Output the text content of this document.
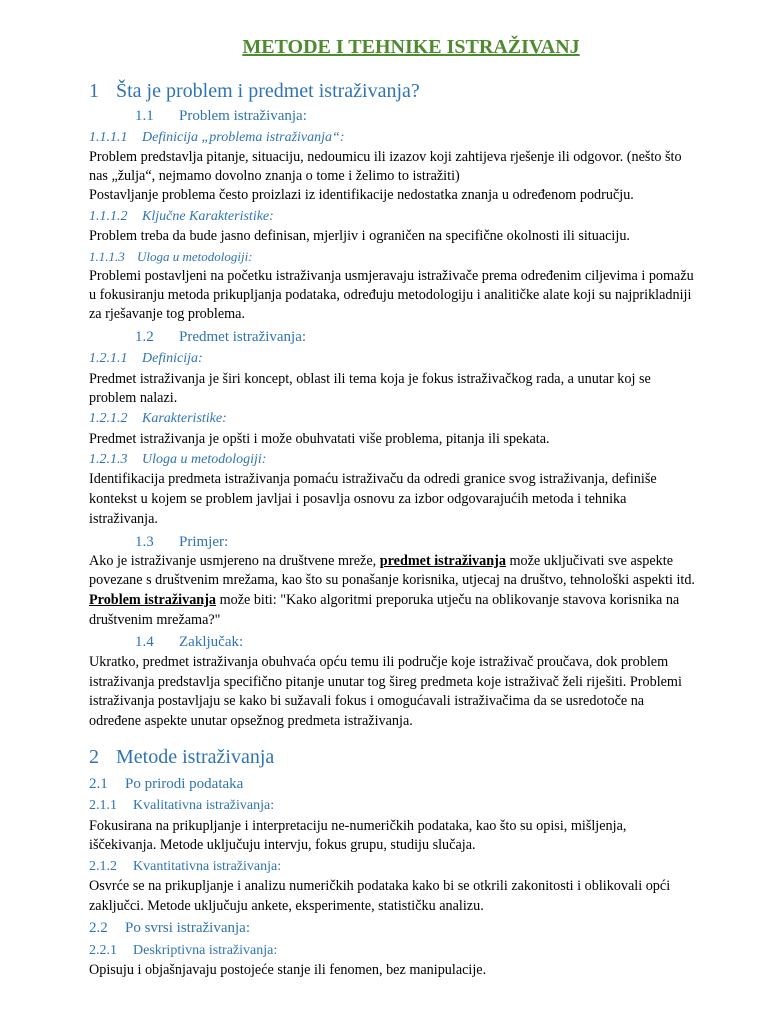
METODE I TEHNIKE ISTRAŽIVANJ
1 Šta je problem i predmet istraživanja?
1.1 Problem istraživanja:
1.1.1.1 Definicija „problema istraživanja“:
Problem predstavlja pitanje, situaciju, nedoumicu ili izazov koji zahtijeva rješenje ili odgovor. (nešto što
nas „žulja“, nejmamo dovolno znanja o tome i želimo to istražiti)
Postavljanje problema često proizlazi iz identifikacije nedostatka znanja u određenom području.
1.1.1.2 Ključne Karakteristike:
Problem treba da bude jasno definisan, mjerljiv i ograničen na specifične okolnosti ili situaciju.
1.1.1.3 Uloga u metodologiji:
Problemi postavljeni na početku istraživanja usmjeravaju istraživače prema određenim ciljevima i pomažu
u fokusiranju metoda prikupljanja podataka, određuju metodologiju i analitičke alate koji su najprikladniji
za rješavanje tog problema.
1.2 Predmet istraživanja:
1.2.1.1 Definicija:
Predmet istraživanja je širi koncept, oblast ili tema koja je fokus istraživačkog rada, a unutar koj se
problem nalazi.
1.2.1.2 Karakteristike:
Predmet istraživanja je opšti i može obuhvatati više problema, pitanja ili spekata.
1.2.1.3 Uloga u metodologiji:
Identifikacija predmeta istraživanja pomaću istraživaču da odredi granice svog istraživanja, definiše
kontekst u kojem se problem javljai i posavlja osnovu za izbor odgovarajućih metoda i tehnika
istraživanja.
1.3 Primjer:
Ako je istraživanje usmjereno na društvene mreže, predmet istraživanja može uključivati sve aspekte
povezane s društvenim mrežama, kao što su ponašanje korisnika, utjecaj na društvo, tehnološki aspekti itd.
Problem istraživanja može biti: "Kako algoritmi preporuka utječu na oblikovanje stavova korisnika na
društvenim mrežama?"
1.4 Zaključak:
Ukratko, predmet istraživanja obuhvaća opću temu ili područje koje istraživač proučava, dok problem
istraživanja predstavlja specifično pitanje unutar tog šireg predmeta koje istraživač želi riješiti. Problemi
istraživanja postavljaju se kako bi sužavali fokus i omogućavali istraživačima da se usredotoče na
određene aspekte unutar opsežnog predmeta istraživanja.
2 Metode istraživanja
2.1 Po prirodi podataka
2.1.1 Kvalitativna istraživanja:
Fokusirana na prikupljanje i interpretaciju ne-numeričkih podataka, kao što su opisi, mišljenja,
iščekivanja. Metode uključuju intervju, fokus grupu, studiju slučaja.
2.1.2 Kvantitativna istraživanja:
Osvrće se na prikupljanje i analizu numeričkih podataka kako bi se otkrili zakonitosti i oblikovali opći
zaključci. Metode uključuju ankete, eksperimente, statističku analizu.
2.2 Po svrsi istraživanja:
2.2.1 Deskriptivna istraživanja:
Opisuju i objašnjavaju postojeće stanje ili fenomen, bez manipulacije.
